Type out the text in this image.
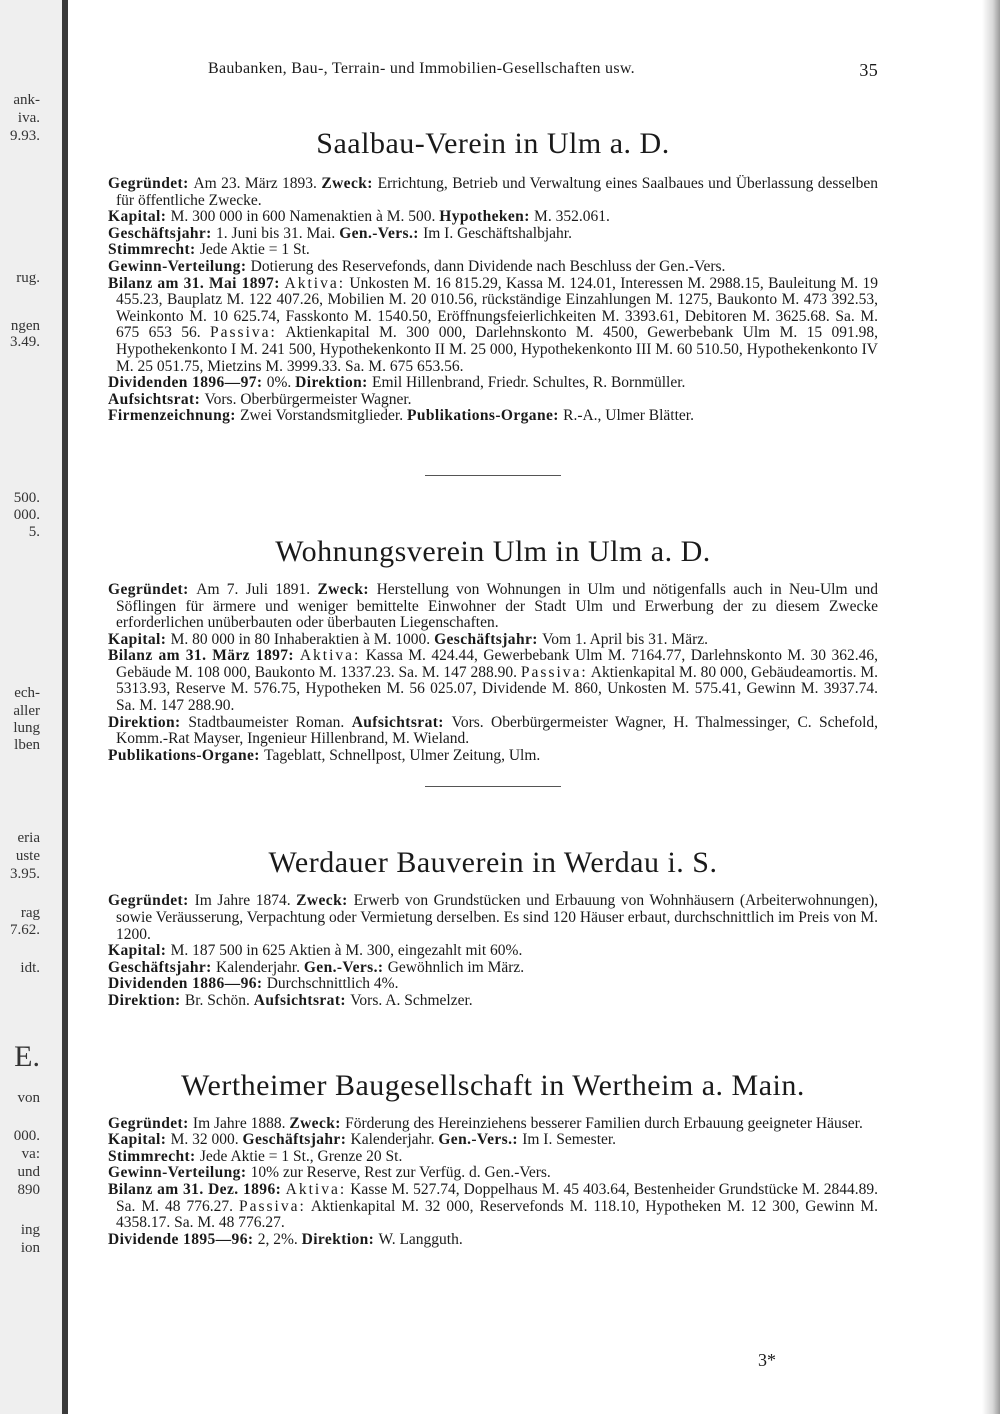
ank-
iva.
9.93.
rug.
ngen
3.49.
500.
000.
5.
ech-
aller
lung
lben
eria
uste
3.95.
rag
7.62.
idt.
E.
von
000.
va:
und
890
ing
ion
Baubanken, Bau-, Terrain- und Immobilien-Gesellschaften usw.	35
Saalbau-Verein in Ulm a. D.

Gegründet: Am 23. März 1893. Zweck: Errichtung, Betrieb und Verwaltung eines Saalbaues und Überlassung desselben für öffentliche Zwecke.

Kapital: M. 300 000 in 600 Namenaktien à M. 500. Hypotheken: M. 352.061.

Geschäftsjahr: 1. Juni bis 31. Mai. Gen.-Vers.: Im I. Geschäftshalbjahr.

Stimmrecht: Jede Aktie = 1 St.

Gewinn-Verteilung: Dotierung des Reservefonds, dann Dividende nach Beschluss der Gen.-Vers.

Bilanz am 31. Mai 1897: Aktiva: Unkosten M. 16 815.29, Kassa M. 124.01, Interessen M. 2988.15, Bauleitung M. 19 455.23, Bauplatz M. 122 407.26, Mobilien M. 20 010.56, rückständige Einzahlungen M. 1275, Baukonto M. 473 392.53, Weinkonto M. 10 625.74, Fasskonto M. 1540.50, Eröffnungsfeierlichkeiten M. 3393.61, Debitoren M. 3625.68. Sa. M. 675 653 56. Passiva: Aktienkapital M. 300 000, Darlehnskonto M. 4500, Gewerbebank Ulm M. 15 091.98, Hypothekenkonto I M. 241 500, Hypothekenkonto II M. 25 000, Hypothekenkonto III M. 60 510.50, Hypothekenkonto IV M. 25 051.75, Mietzins M. 3999.33. Sa. M. 675 653.56.

Dividenden 1896—97: 0%. Direktion: Emil Hillenbrand, Friedr. Schultes, R. Bornmüller.

Aufsichtsrat: Vors. Oberbürgermeister Wagner.

Firmenzeichnung: Zwei Vorstandsmitglieder. Publikations-Organe: R.-A., Ulmer Blätter.

Wohnungsverein Ulm in Ulm a. D.

Gegründet: Am 7. Juli 1891. Zweck: Herstellung von Wohnungen in Ulm und nötigenfalls auch in Neu-Ulm und Söflingen für ärmere und weniger bemittelte Einwohner der Stadt Ulm und Erwerbung der zu diesem Zwecke erforderlichen unüberbauten oder überbauten Liegenschaften.

Kapital: M. 80 000 in 80 Inhaberaktien à M. 1000. Geschäftsjahr: Vom 1. April bis 31. März.

Bilanz am 31. März 1897: Aktiva: Kassa M. 424.44, Gewerbebank Ulm M. 7164.77, Darlehnskonto M. 30 362.46, Gebäude M. 108 000, Baukonto M. 1337.23. Sa. M. 147 288.90. Passiva: Aktienkapital M. 80 000, Gebäudeamortis. M. 5313.93, Reserve M. 576.75, Hypotheken M. 56 025.07, Dividende M. 860, Unkosten M. 575.41, Gewinn M. 3937.74. Sa. M. 147 288.90.

Direktion: Stadtbaumeister Roman. Aufsichtsrat: Vors. Oberbürgermeister Wagner, H. Thalmessinger, C. Schefold, Komm.-Rat Mayser, Ingenieur Hillenbrand, M. Wieland.

Publikations-Organe: Tageblatt, Schnellpost, Ulmer Zeitung, Ulm.

Werdauer Bauverein in Werdau i. S.

Gegründet: Im Jahre 1874. Zweck: Erwerb von Grundstücken und Erbauung von Wohnhäusern (Arbeiterwohnungen), sowie Veräusserung, Verpachtung oder Vermietung derselben. Es sind 120 Häuser erbaut, durchschnittlich im Preis von M. 1200.

Kapital: M. 187 500 in 625 Aktien à M. 300, eingezahlt mit 60%.

Geschäftsjahr: Kalenderjahr. Gen.-Vers.: Gewöhnlich im März.

Dividenden 1886—96: Durchschnittlich 4%.

Direktion: Br. Schön. Aufsichtsrat: Vors. A. Schmelzer.

Wertheimer Baugesellschaft in Wertheim a. Main.

Gegründet: Im Jahre 1888. Zweck: Förderung des Hereinziehens besserer Familien durch Erbauung geeigneter Häuser.

Kapital: M. 32 000. Geschäftsjahr: Kalenderjahr. Gen.-Vers.: Im I. Semester.

Stimmrecht: Jede Aktie = 1 St., Grenze 20 St.

Gewinn-Verteilung: 10% zur Reserve, Rest zur Verfüg. d. Gen.-Vers.

Bilanz am 31. Dez. 1896: Aktiva: Kasse M. 527.74, Doppelhaus M. 45 403.64, Bestenheider Grundstücke M. 2844.89. Sa. M. 48 776.27. Passiva: Aktienkapital M. 32 000, Reservefonds M. 118.10, Hypotheken M. 12 300, Gewinn M. 4358.17. Sa. M. 48 776.27.

Dividende 1895—96: 2, 2%. Direktion: W. Langguth.

3*
